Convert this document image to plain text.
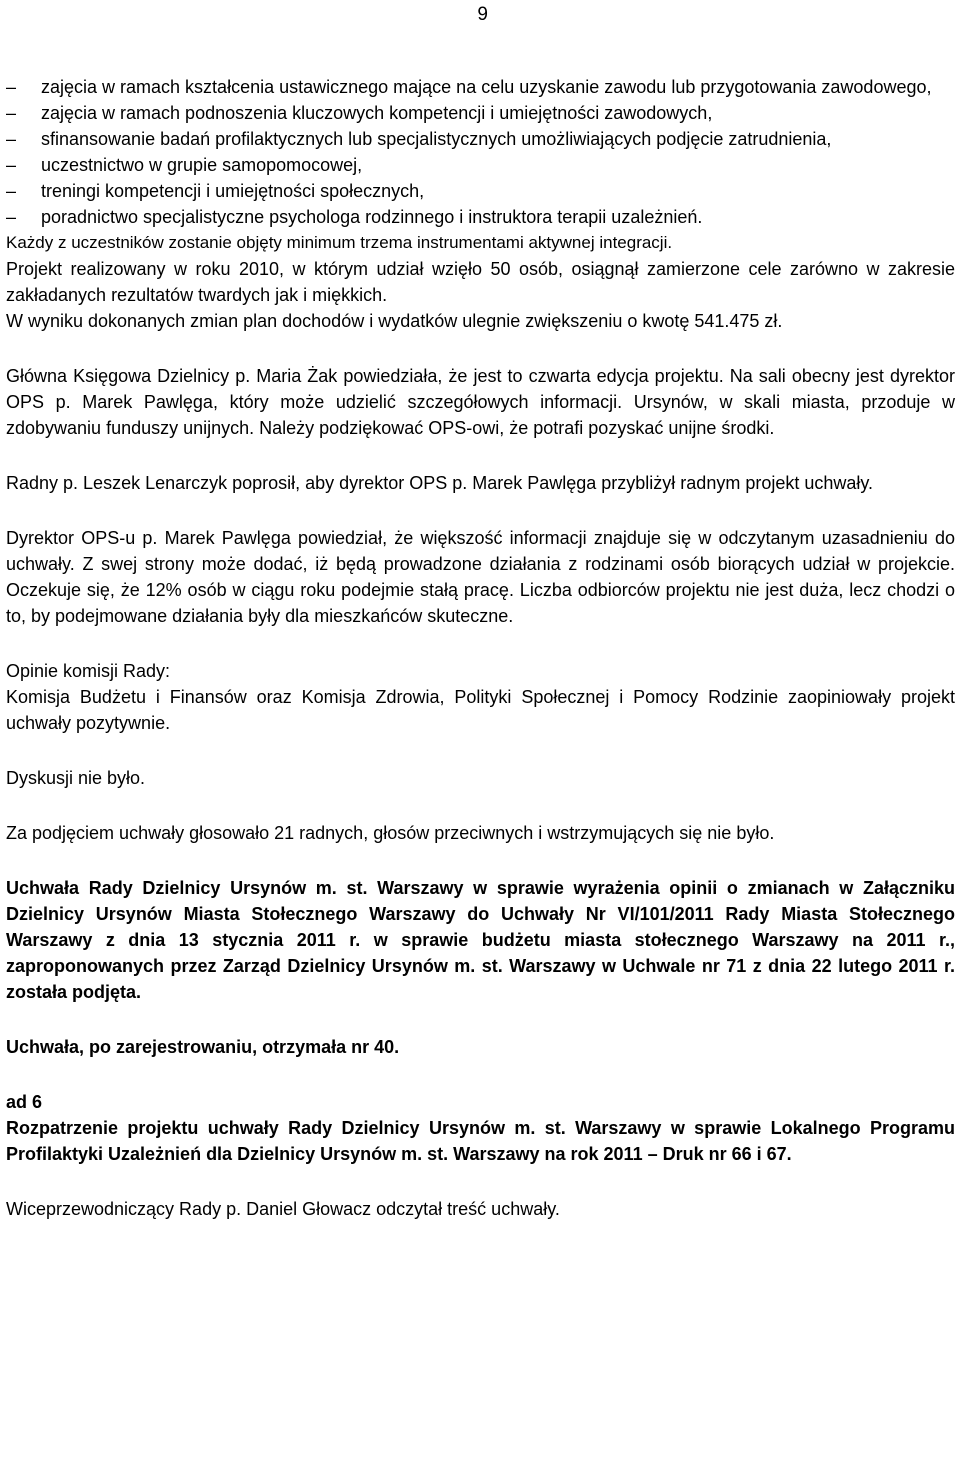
9
– zajęcia w ramach kształcenia ustawicznego mające na celu uzyskanie zawodu lub przygotowania zawodowego,
– zajęcia w ramach podnoszenia kluczowych kompetencji i umiejętności zawodowych,
– sfinansowanie badań profilaktycznych lub specjalistycznych umożliwiających podjęcie zatrudnienia,
– uczestnictwo w grupie samopomocowej,
– treningi kompetencji i umiejętności społecznych,
– poradnictwo specjalistyczne psychologa rodzinnego i instruktora terapii uzależnień.

Każdy z uczestników zostanie objęty minimum trzema instrumentami aktywnej integracji.

Projekt realizowany w roku 2010, w którym udział wzięło 50 osób, osiągnął zamierzone cele zarówno w zakresie zakładanych rezultatów twardych jak i miękkich.

W wyniku dokonanych zmian plan dochodów i wydatków ulegnie zwiększeniu o kwotę 541.475 zł.

Główna Księgowa Dzielnicy p. Maria Żak powiedziała, że jest to czwarta edycja projektu. Na sali obecny jest dyrektor OPS p. Marek Pawlęga, który może udzielić szczegółowych informacji. Ursynów, w skali miasta, przoduje w zdobywaniu funduszy unijnych. Należy podziękować OPS-owi, że potrafi pozyskać unijne środki.

Radny p. Leszek Lenarczyk poprosił, aby dyrektor OPS p. Marek Pawlęga przybliżył radnym projekt uchwały.

Dyrektor OPS-u p. Marek Pawlęga powiedział, że większość informacji znajduje się w odczytanym uzasadnieniu do uchwały. Z swej strony może dodać, iż będą prowadzone działania z rodzinami osób biorących udział w projekcie. Oczekuje się, że 12% osób w ciągu roku podejmie stałą pracę. Liczba odbiorców projektu nie jest duża, lecz chodzi o to, by podejmowane działania były dla mieszkańców skuteczne.

Opinie komisji Rady:

Komisja Budżetu i Finansów oraz Komisja Zdrowia, Polityki Społecznej i Pomocy Rodzinie zaopiniowały projekt uchwały pozytywnie.

Dyskusji nie było.

Za podjęciem uchwały głosowało 21 radnych, głosów przeciwnych i wstrzymujących się nie było.

Uchwała Rady Dzielnicy Ursynów m. st. Warszawy w sprawie wyrażenia opinii o zmianach w Załączniku Dzielnicy Ursynów Miasta Stołecznego Warszawy do Uchwały Nr VI/101/2011 Rady Miasta Stołecznego Warszawy z dnia 13 stycznia 2011 r. w sprawie budżetu miasta stołecznego Warszawy na 2011 r., zaproponowanych przez Zarząd Dzielnicy Ursynów m. st. Warszawy w Uchwale nr 71 z dnia 22 lutego 2011 r. została podjęta.

Uchwała, po zarejestrowaniu, otrzymała nr 40.

ad 6

Rozpatrzenie projektu uchwały Rady Dzielnicy Ursynów m. st. Warszawy w sprawie Lokalnego Programu Profilaktyki Uzależnień dla Dzielnicy Ursynów m. st. Warszawy na rok 2011 – Druk nr 66 i 67.

Wiceprzewodniczący Rady p. Daniel Głowacz odczytał treść uchwały.
